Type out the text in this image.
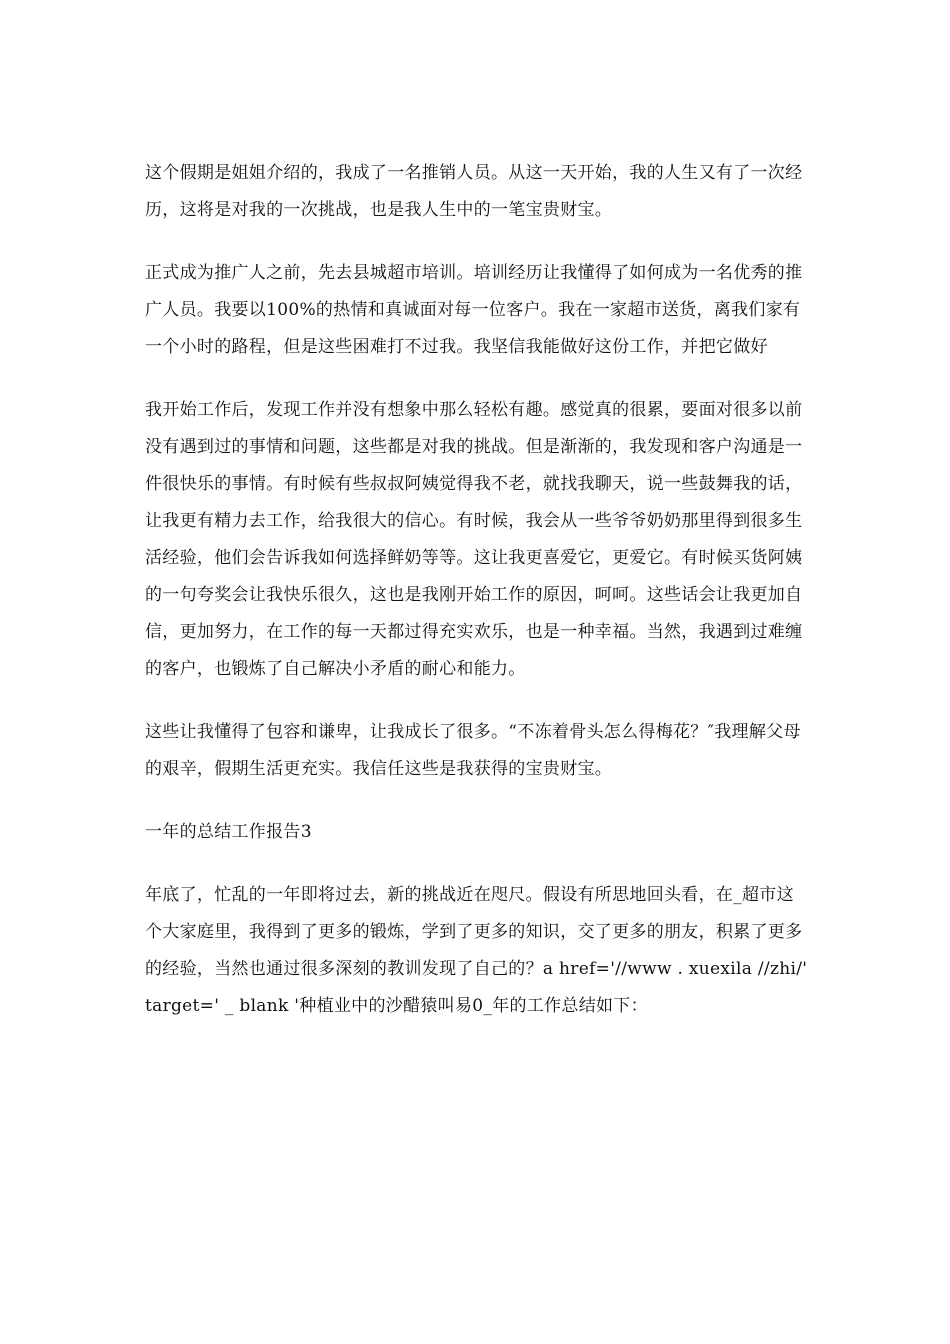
这个假期是姐姐介绍的，我成了一名推销人员。从这一天开始，我的人生又有了一次经历，这将是对我的一次挑战，也是我人生中的一笔宝贵财宝。

正式成为推广人之前，先去县城超市培训。培训经历让我懂得了如何成为一名优秀的推广人员。我要以100%的热情和真诚面对每一位客户。我在一家超市送货，离我们家有一个小时的路程，但是这些困难打不过我。我坚信我能做好这份工作，并把它做好

我开始工作后，发现工作并没有想象中那么轻松有趣。感觉真的很累，要面对很多以前没有遇到过的事情和问题，这些都是对我的挑战。但是渐渐的，我发现和客户沟通是一件很快乐的事情。有时候有些叔叔阿姨觉得我不老，就找我聊天，说一些鼓舞我的话，让我更有精力去工作，给我很大的信心。有时候，我会从一些爷爷奶奶那里得到很多生活经验，他们会告诉我如何选择鲜奶等等。这让我更喜爱它，更爱它。有时候买货阿姨的一句夸奖会让我快乐很久，这也是我刚开始工作的原因，呵呵。这些话会让我更加自信，更加努力，在工作的每一天都过得充实欢乐，也是一种幸福。当然，我遇到过难缠的客户，也锻炼了自己解决小矛盾的耐心和能力。

这些让我懂得了包容和谦卑，让我成长了很多。“不冻着骨头怎么得梅花？″我理解父母的艰辛，假期生活更充实。我信任这些是我获得的宝贵财宝。

一年的总结工作报告3

年底了，忙乱的一年即将过去，新的挑战近在咫尺。假设有所思地回头看，在_超市这个大家庭里，我得到了更多的锻炼，学到了更多的知识，交了更多的朋友，积累了更多的经验，当然也通过很多深刻的教训发现了自己的？a href='//www . xuexila //zhi/' target=' _ blank '种植业中的沙醋猿叫易0_年的工作总结如下：
